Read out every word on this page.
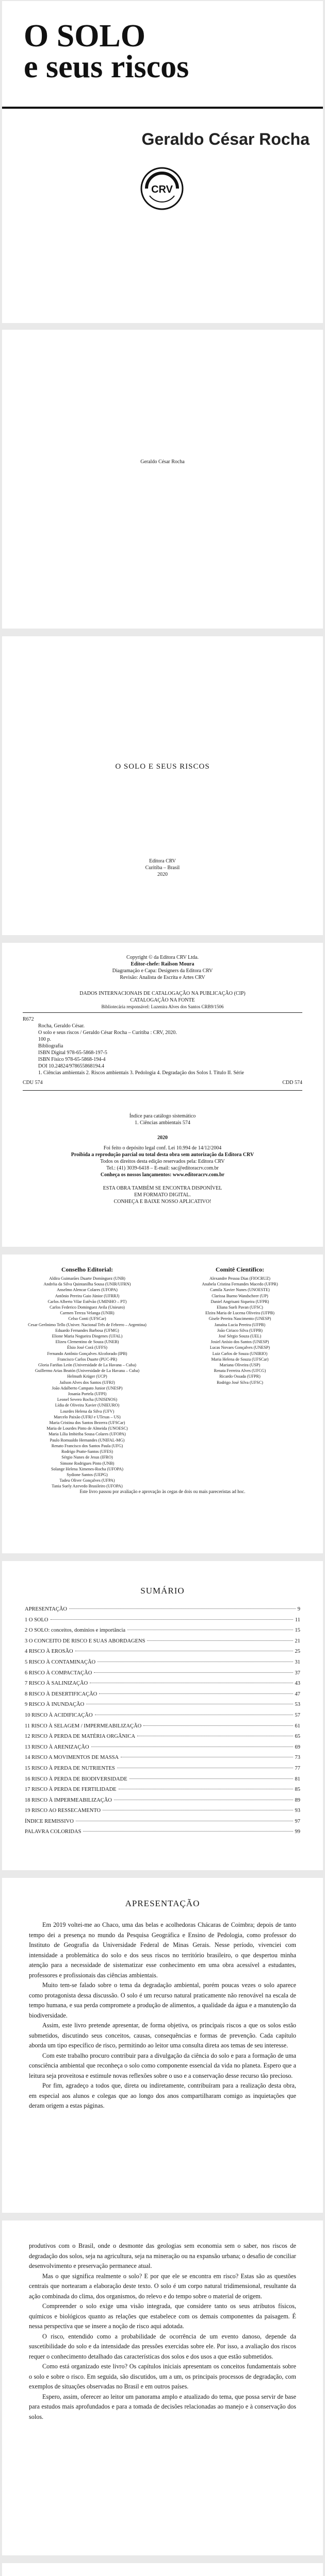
O SOLO
e seus riscos
Geraldo César Rocha
CRV
Geraldo César Rocha
O SOLO E SEUS RISCOS
Editora CRV
Curitiba – Brasil
2020
Copyright © da Editora CRV Ltda.
Editor-chefe: Railson Moura
Diagramação e Capa: Designers da Editora CRV
Revisão: Analista de Escrita e Artes CRV
DADOS INTERNACIONAIS DE CATALOGAÇÃO NA PUBLICAÇÃO (CIP)
CATALOGAÇÃO NA FONTE
Bibliotecária responsável: Luzenira Alves dos Santos CRB9/1506
R672
Rocha, Geraldo César.
O solo e seus riscos / Geraldo César Rocha – Curitiba : CRV, 2020.
100 p.
Bibliografia
ISBN Digital 978-65-5868-197-5
ISBN Físico 978-65-5868-194-4
DOI 10.24824/978655868194.4
1. Ciências ambientais 2. Riscos ambientais 3. Pedologia 4. Degradação dos Solos I. Título II. Série
CDU 574	CDD 574
Índice para catálogo sistemático
1. Ciências ambientais 574
2020
Foi feito o depósito legal conf. Lei 10.994 de 14/12/2004
Proibida a reprodução parcial ou total desta obra sem autorização da Editora CRV
Todos os direitos desta edição reservados pela: Editora CRV
Tel.: (41) 3039-6418 – E-mail: sac@editoracrv.com.br
Conheça os nossos lançamentos: www.editoracrv.com.br
ESTA OBRA TAMBÉM SE ENCONTRA DISPONÍVEL
EM FORMATO DIGITAL.
CONHEÇA E BAIXE NOSSO APLICATIVO!
Conselho Editorial:
Aldira Guimarães Duarte Domínguez (UNB)
Andréia da Silva Quintanilha Sousa (UNIR/UFRN)
Anselmo Alencar Colares (UFOPA)
Antônio Pereira Gaio Júnior (UFRRJ)
Carlos Alberto Vilar Estêvão (UMINHO – PT)
Carlos Federico Dominguez Avila (Unieuro)
Carmen Tereza Velanga (UNIR)
Celso Conti (UFSCar)
Cesar Gerônimo Tello (Univer. Nacional Três de Febrero – Argentina)
Eduardo Fernandes Barbosa (UFMG)
Elione Maria Nogueira Diogenes (UFAL)
Elizeu Clementino de Souza (UNEB)
Élsio José Corá (UFFS)
Fernando Antônio Gonçalves Alcoforado (IPB)
Francisco Carlos Duarte (PUC-PR)
Gloria Fariñas León (Universidade de La Havana – Cuba)
Guillermo Arias Beatón (Universidade de La Havana – Cuba)
Helmuth Krüger (UCP)
Jailson Alves dos Santos (UFRJ)
João Adalberto Campato Junior (UNESP)
Josania Portela (UFPI)
Leonel Severo Rocha (UNISINOS)
Lídia de Oliveira Xavier (UNIEURO)
Lourdes Helena da Silva (UFV)
Marcelo Paixão (UFRJ e UTexas – US)
Maria Cristina dos Santos Bezerra (UFSCar)
Maria de Lourdes Pinto de Almeida (UNOESC)
Maria Lília Imbiriba Sousa Colares (UFOPA)
Paulo Romualdo Hernandes (UNIFAL-MG)
Renato Francisco dos Santos Paula (UFG)
Rodrigo Pratte-Santos (UFES)
Sérgio Nunes de Jesus (IFRO)
Simone Rodrigues Pinto (UNB)
Solange Helena Ximenes-Rocha (UFOPA)
Sydione Santos (UEPG)
Tadeu Oliver Gonçalves (UFPA)
Tania Suely Azevedo Brasileiro (UFOPA)
Comitê Científico:
Alexandre Pessoa Dias (FIOCRUZ)
Anabela Cristina Fernandes Macedo (UFPR)
Camila Xavier Nunes (UNOESTE)
Clarissa Bueno Wandscheer (UP)
Daniel Angrisani Siqueira (UFPR)
Eliana Sueli Pavan (UFSC)
Elzira Maria de Lucena Oliveira (UFPB)
Gisele Pereira Nascimento (UNESP)
Janaína Lucia Pereira (UFPB)
João Ciriaco Silva (UFPB)
José Sérgio Souza (UEL)
Josiel Anísio dos Santos (UNESP)
Lucas Novaes Gonçalves (UNESP)
Luiz Carlos de Souza (UNIRIO)
Maria Helena de Souza (UFSCar)
Mariana Oliveira (USP)
Renata Ferreira Alves (UFCG)
Ricardo Ossada (UFPR)
Rodrigo José Silva (UFSC)
Este livro passou por avaliação e aprovação às cegas de dois ou mais pareceristas ad hoc.
SUMÁRIO
APRESENTAÇÃO	9
1 O SOLO	11
2 O SOLO: conceitos, domínios e importância	15
3 O CONCEITO DE RISCO E SUAS ABORDAGENS	21
4 RISCO À EROSÃO	25
5 RISCO À CONTAMINAÇÃO	31
6 RISCO À COMPACTAÇÃO	37
7 RISCO À SALINIZAÇÃO	43
8 RISCO À DESERTIFICAÇÃO	47
9 RISCO À INUNDAÇÃO	53
10 RISCO À ACIDIFICAÇÃO	57
11 RISCO À SELAGEM / IMPERMEABILIZAÇÃO	61
12 RISCO À PERDA DE MATÉRIA ORGÂNICA	65
13 RISCO À ARENIZAÇÃO	69
14 RISCO A MOVIMENTOS DE MASSA	73
15 RISCO À PERDA DE NUTRIENTES	77
16 RISCO À PERDA DE BIODIVERSIDADE	81
17 RISCO À PERDA DE FERTILIDADE	85
18 RISCO À IMPERMEABILIZAÇÃO	89
19 RISCO AO RESSECAMENTO	93
ÍNDICE REMISSIVO	97
PALAVRA COLORIDAS	99
APRESENTAÇÃO

Em 2019 voltei-me ao Chaco, uma das belas e acolhedoras Chácaras de Coimbra; depois de tanto tempo dei a presença no mundo da Pesquisa Geográfica e Ensino de Pedologia, como professor do Instituto de Geografia da Universidade Federal de Minas Gerais. Nesse período, vivenciei com intensidade a problemática do solo e dos seus riscos no território brasileiro, o que despertou minha atenção para a necessidade de sistematizar esse conhecimento em uma obra acessível a estudantes, professores e profissionais das ciências ambientais.

Muito tem-se falado sobre o tema da degradação ambiental, porém poucas vezes o solo aparece como protagonista dessa discussão. O solo é um recurso natural praticamente não renovável na escala de tempo humana, e sua perda compromete a produção de alimentos, a qualidade da água e a manutenção da biodiversidade.

Assim, este livro pretende apresentar, de forma objetiva, os principais riscos a que os solos estão submetidos, discutindo seus conceitos, causas, consequências e formas de prevenção. Cada capítulo aborda um tipo específico de risco, permitindo ao leitor uma consulta direta aos temas de seu interesse.

Com este trabalho procuro contribuir para a divulgação da ciência do solo e para a formação de uma consciência ambiental que reconheça o solo como componente essencial da vida no planeta. Espero que a leitura seja proveitosa e estimule novas reflexões sobre o uso e a conservação desse recurso tão precioso.

Por fim, agradeço a todos que, direta ou indiretamente, contribuíram para a realização desta obra, em especial aos alunos e colegas que ao longo dos anos compartilharam comigo as inquietações que deram origem a estas páginas.

produtivos com o Brasil, onde o desmonte das geologias sem economia sem o saber, nos riscos de degradação dos solos, seja na agricultura, seja na mineração ou na expansão urbana; o desafio de conciliar desenvolvimento e preservação permanece atual.

Mas o que significa realmente o solo? E por que ele se encontra em risco? Estas são as questões centrais que nortearam a elaboração deste texto. O solo é um corpo natural tridimensional, resultante da ação combinada do clima, dos organismos, do relevo e do tempo sobre o material de origem.

Compreender o solo exige uma visão integrada, que considere tanto os seus atributos físicos, químicos e biológicos quanto as relações que estabelece com os demais componentes da paisagem. É nessa perspectiva que se insere a noção de risco aqui adotada.

O risco, entendido como a probabilidade de ocorrência de um evento danoso, depende da suscetibilidade do solo e da intensidade das pressões exercidas sobre ele. Por isso, a avaliação dos riscos requer o conhecimento detalhado das características dos solos e dos usos a que estão submetidos.

Como está organizado este livro? Os capítulos iniciais apresentam os conceitos fundamentais sobre o solo e sobre o risco. Em seguida, são discutidos, um a um, os principais processos de degradação, com exemplos de situações observadas no Brasil e em outros países.

Espero, assim, oferecer ao leitor um panorama amplo e atualizado do tema, que possa servir de base para estudos mais aprofundados e para a tomada de decisões relacionadas ao manejo e à conservação dos solos.
